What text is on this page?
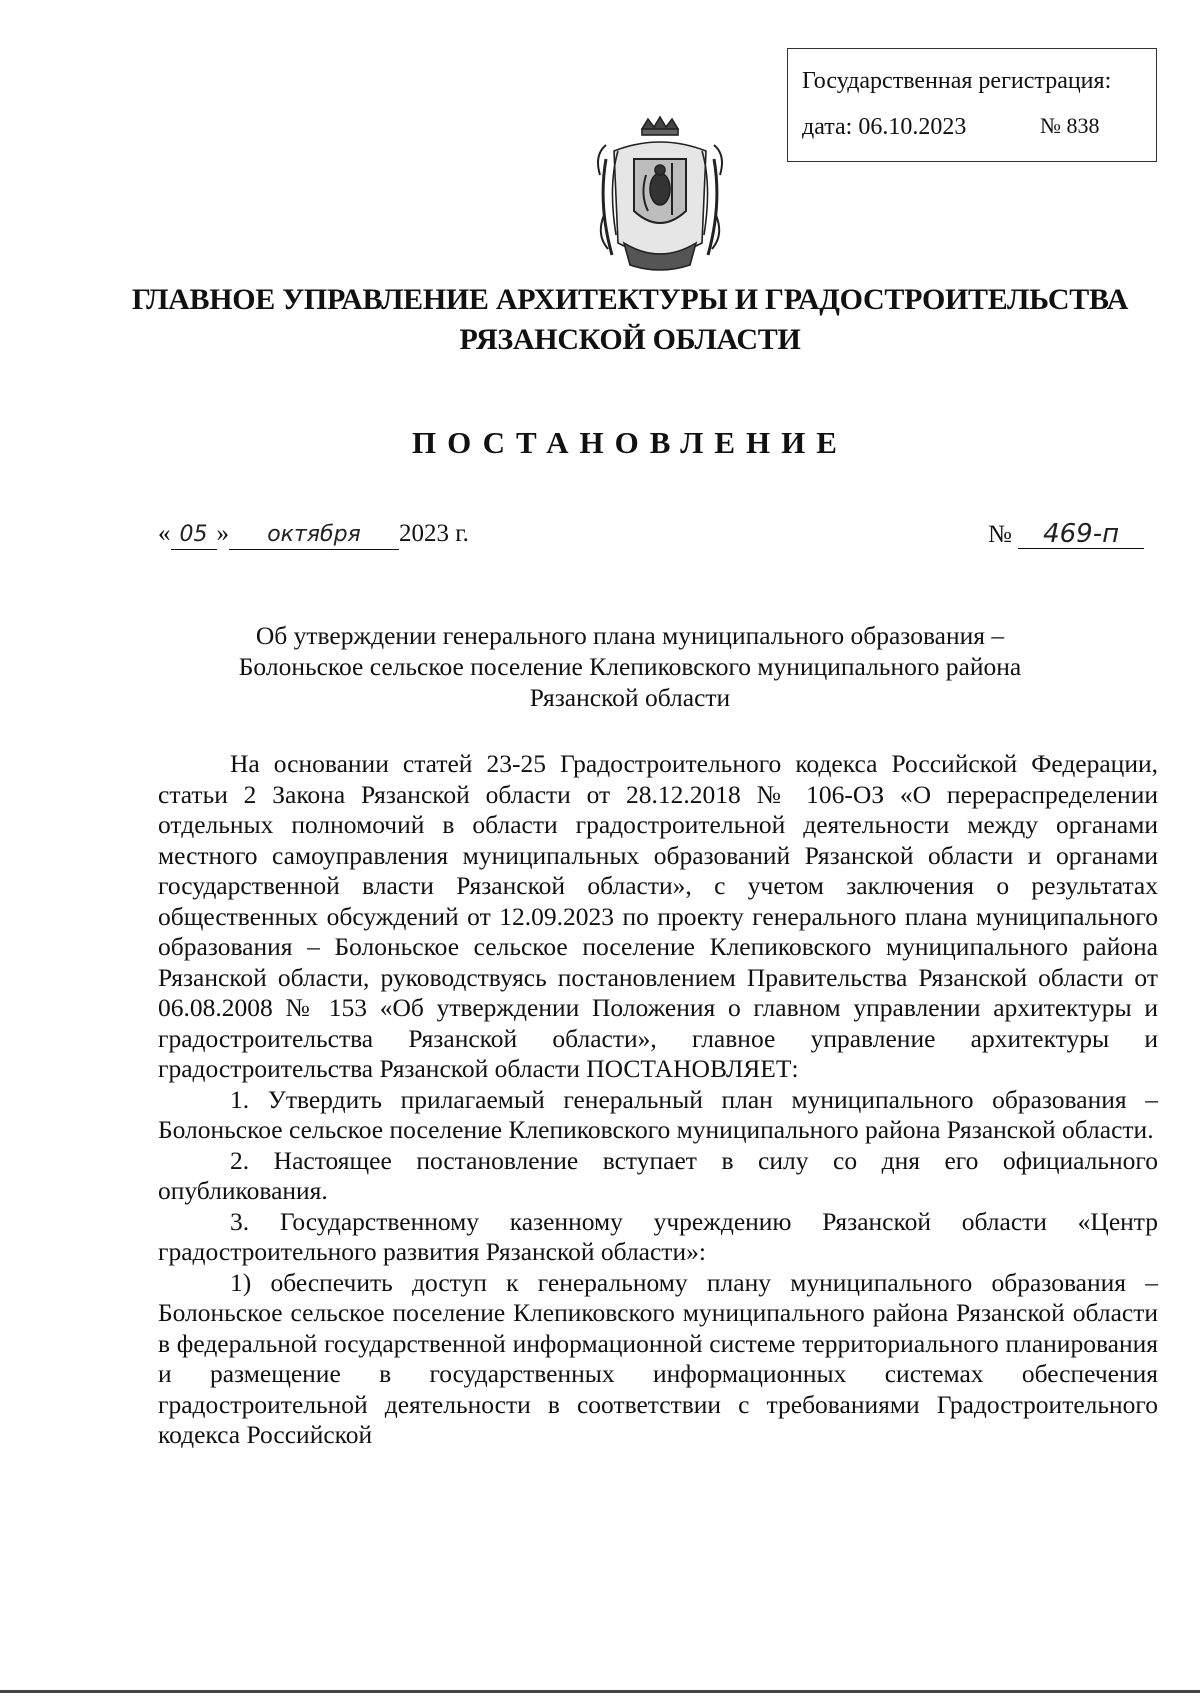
Государственная регистрация:
дата: 06.10.2023	№ 838
ГЛАВНОЕ УПРАВЛЕНИЕ АРХИТЕКТУРЫ И ГРАДОСТРОИТЕЛЬСТВА
РЯЗАНСКОЙ ОБЛАСТИ
ПОСТАНОВЛЕНИЕ
« 05 » октября 2023 г.	№ 469-п
Об утверждении генерального плана муниципального образования –
Болоньское сельское поселение Клепиковского муниципального района
Рязанской области

На основании статей 23-25 Градостроительного кодекса Российской Федерации, статьи 2 Закона Рязанской области от 28.12.2018 № 106-ОЗ «О перераспределении отдельных полномочий в области градостроительной деятельности между органами местного самоуправления муниципальных образований Рязанской области и органами государственной власти Рязанской области», с учетом заключения о результатах общественных обсуждений от 12.09.2023 по проекту генерального плана муниципального образования – Болоньское сельское поселение Клепиковского муниципального района Рязанской области, руководствуясь постановлением Правительства Рязанской области от 06.08.2008 № 153 «Об утверждении Положения о главном управлении архитектуры и градостроительства Рязанской области», главное управление архитектуры и градостроительства Рязанской области ПОСТАНОВЛЯЕТ:

1. Утвердить прилагаемый генеральный план муниципального образования – Болоньское сельское поселение Клепиковского муниципального района Рязанской области.

2. Настоящее постановление вступает в силу со дня его официального опубликования.

3. Государственному казенному учреждению Рязанской области «Центр градостроительного развития Рязанской области»:

1) обеспечить доступ к генеральному плану муниципального образования – Болоньское сельское поселение Клепиковского муниципального района Рязанской области в федеральной государственной информационной системе территориального планирования и размещение в государственных информационных системах обеспечения градостроительной деятельности в соответствии с требованиями Градостроительного кодекса Российской
